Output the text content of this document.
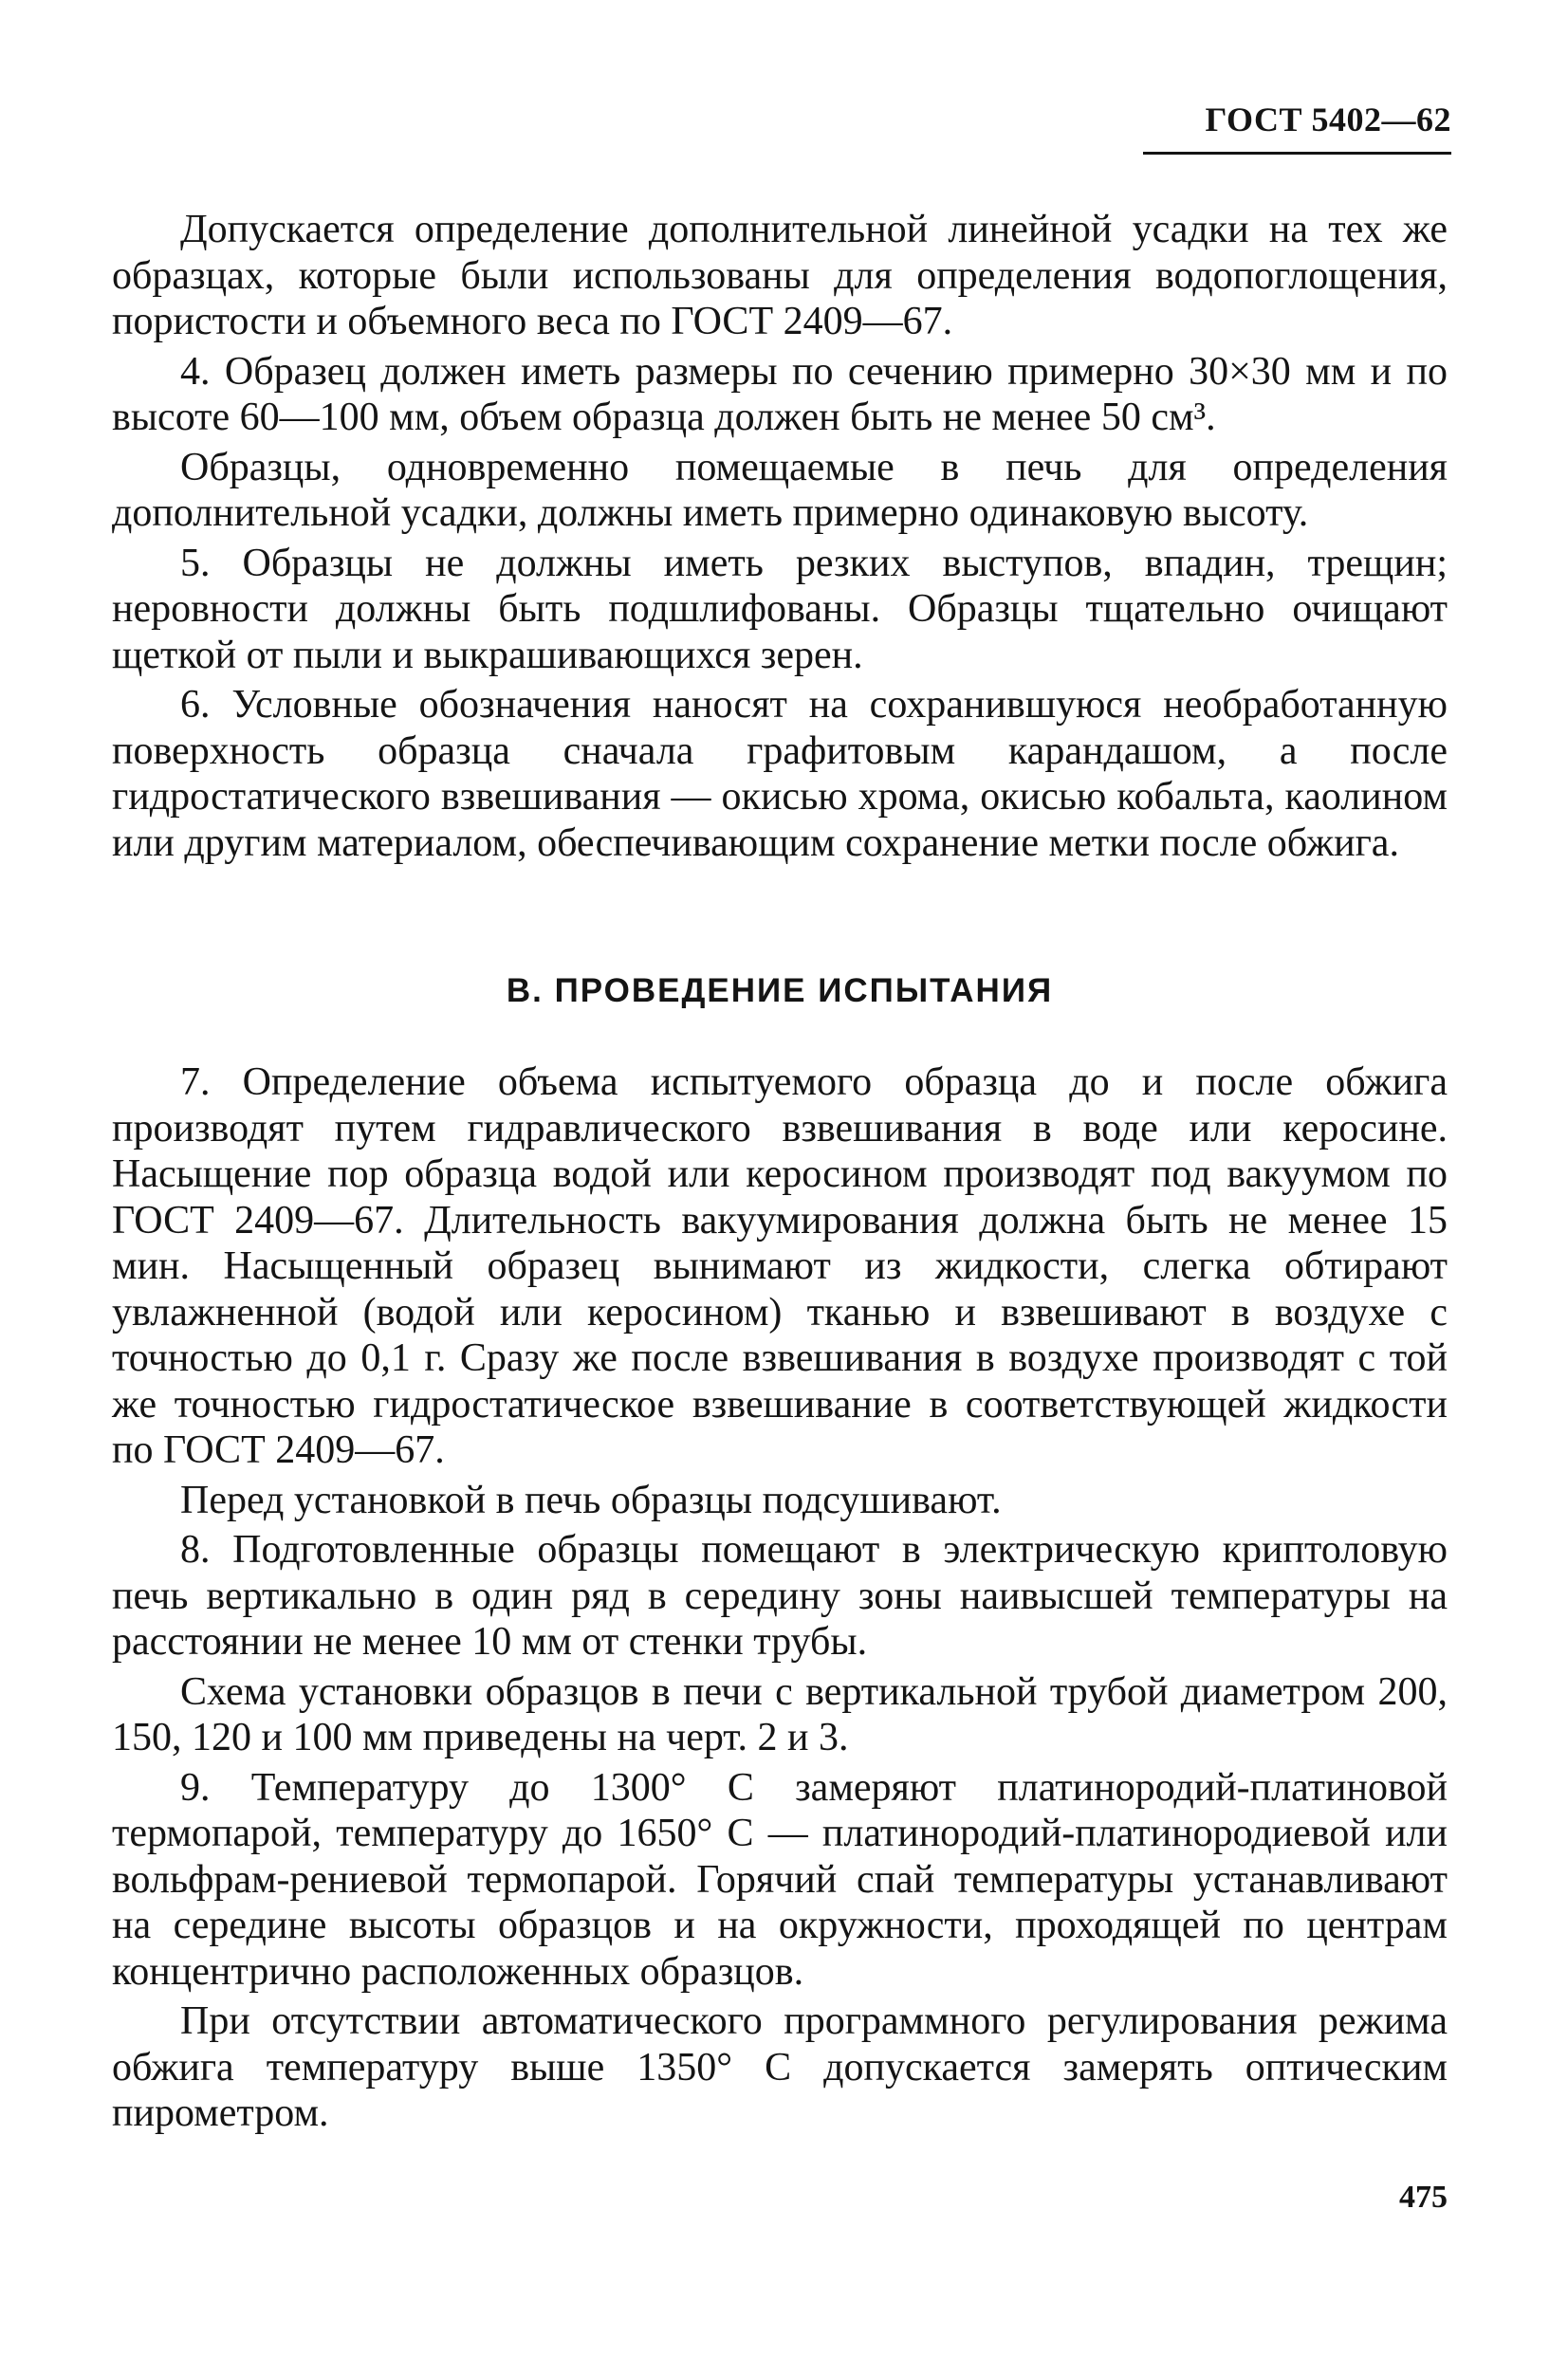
ГОСТ 5402—62

Допускается определение дополнительной линейной усадки на тех же образцах, которые были использованы для определения водопоглощения, пористости и объемного веса по ГОСТ 2409—67.

4. Образец должен иметь размеры по сечению примерно 30×30 мм и по высоте 60—100 мм, объем образца должен быть не менее 50 см³.

Образцы, одновременно помещаемые в печь для определения дополнительной усадки, должны иметь примерно одинаковую высоту.

5. Образцы не должны иметь резких выступов, впадин, трещин; неровности должны быть подшлифованы. Образцы тщательно очищают щеткой от пыли и выкрашивающихся зерен.

6. Условные обозначения наносят на сохранившуюся необработанную поверхность образца сначала графитовым карандашом, а после гидростатического взвешивания — окисью хрома, окисью кобальта, каолином или другим материалом, обеспечивающим сохранение метки после обжига.

В. ПРОВЕДЕНИЕ ИСПЫТАНИЯ

7. Определение объема испытуемого образца до и после обжига производят путем гидравлического взвешивания в воде или керосине. Насыщение пор образца водой или керосином производят под вакуумом по ГОСТ 2409—67. Длительность вакуумирования должна быть не менее 15 мин. Насыщенный образец вынимают из жидкости, слегка обтирают увлажненной (водой или керосином) тканью и взвешивают в воздухе с точностью до 0,1 г. Сразу же после взвешивания в воздухе производят с той же точностью гидростатическое взвешивание в соответствующей жидкости по ГОСТ 2409—67.

Перед установкой в печь образцы подсушивают.

8. Подготовленные образцы помещают в электрическую криптоловую печь вертикально в один ряд в середину зоны наивысшей температуры на расстоянии не менее 10 мм от стенки трубы.

Схема установки образцов в печи с вертикальной трубой диаметром 200, 150, 120 и 100 мм приведены на черт. 2 и 3.

9. Температуру до 1300° С замеряют платинородий-платиновой термопарой, температуру до 1650° С — платинородий-платинородиевой или вольфрам-рениевой термопарой. Горячий спай температуры устанавливают на середине высоты образцов и на окружности, проходящей по центрам концентрично расположенных образцов.

При отсутствии автоматического программного регулирования режима обжига температуру выше 1350° С допускается замерять оптическим пирометром.

475
